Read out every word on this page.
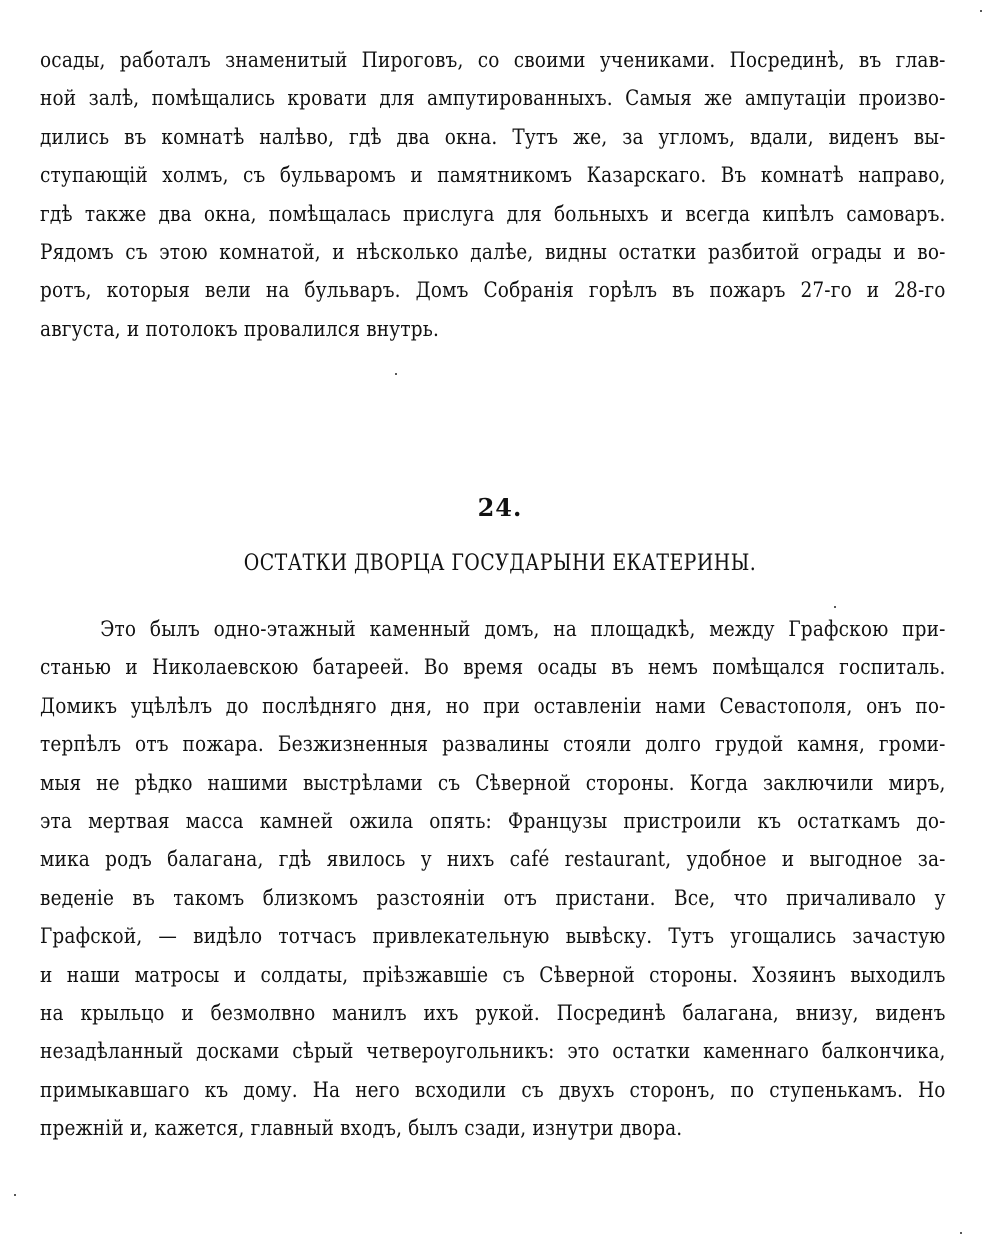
осады, работалъ знаменитый Пироговъ, со своими учениками. Посрединѣ, въ глав-
ной залѣ, помѣщались кровати для ампутированныхъ. Самыя же ампутаціи произво-
дились въ комнатѣ налѣво, гдѣ два окна. Тутъ же, за угломъ, вдали, виденъ вы-
ступающій холмъ, съ бульваромъ и памятникомъ Казарскаго. Въ комнатѣ направо,
гдѣ также два окна, помѣщалась прислуга для больныхъ и всегда кипѣлъ самоваръ.
Рядомъ съ этою комнатой, и нѣсколько далѣе, видны остатки разбитой ограды и во-
ротъ, которыя вели на бульваръ. Домъ Собранія горѣлъ въ пожаръ 27-го и 28-го
августа, и потолокъ провалился внутрь.
24.
ОСТАТКИ ДВОРЦА ГОСУДАРЫНИ ЕКАТЕРИНЫ.
Это былъ одно-этажный каменный домъ, на площадкѣ, между Графскою при-
станью и Николаевскою батареей. Во время осады въ немъ помѣщался госпиталь.
Домикъ уцѣлѣлъ до послѣдняго дня, но при оставленіи нами Севастополя, онъ по-
терпѣлъ отъ пожара. Безжизненныя развалины стояли долго грудой камня, громи-
мыя не рѣдко нашими выстрѣлами съ Сѣверной стороны. Когда заключили миръ,
эта мертвая масса камней ожила опять: Французы пристроили къ остаткамъ до-
мика родъ балагана, гдѣ явилось у нихъ café restaurant, удобное и выгодное за-
веденіе въ такомъ близкомъ разстояніи отъ пристани. Все, что причаливало у
Графской, — видѣло тотчасъ привлекательную вывѣску. Тутъ угощались зачастую
и наши матросы и солдаты, пріѣзжавшіе съ Сѣверной стороны. Хозяинъ выходилъ
на крыльцо и безмолвно манилъ ихъ рукой. Посрединѣ балагана, внизу, виденъ
незадѣланный досками сѣрый четвероугольникъ: это остатки каменнаго балкончика,
примыкавшаго къ дому. На него всходили съ двухъ сторонъ, по ступенькамъ. Но
прежній и, кажется, главный входъ, былъ сзади, изнутри двора.
